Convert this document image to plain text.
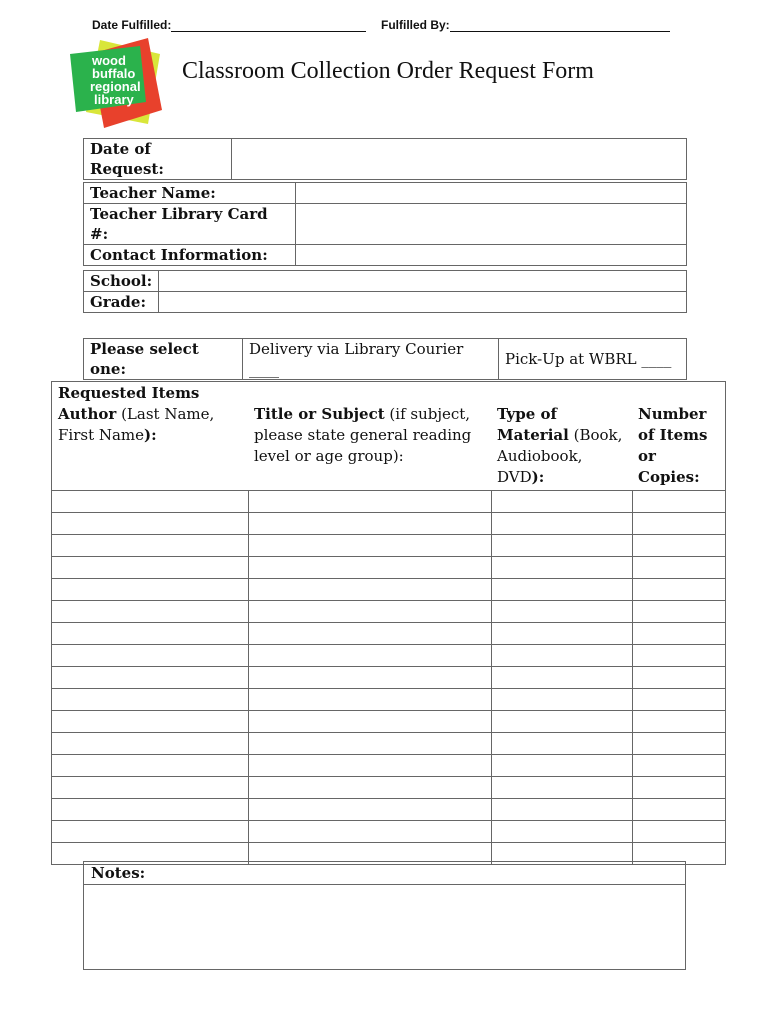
Date Fulfilled:	Fulfilled By:
wood
buffalo
regional
library
Classroom Collection Order Request Form
Date of Request:	
Teacher Name:	
Teacher Library Card #:	
Contact Information:	
School:	
Grade:	
Please select one:	Delivery via Library Courier ____	Pick-Up at WBRL ____
Requested Items			
Author (Last Name, First Name):	Title or Subject (if subject, please state general reading level or age group):	Type of Material (Book, Audiobook, DVD):	Number of Items or Copies:

Notes:
